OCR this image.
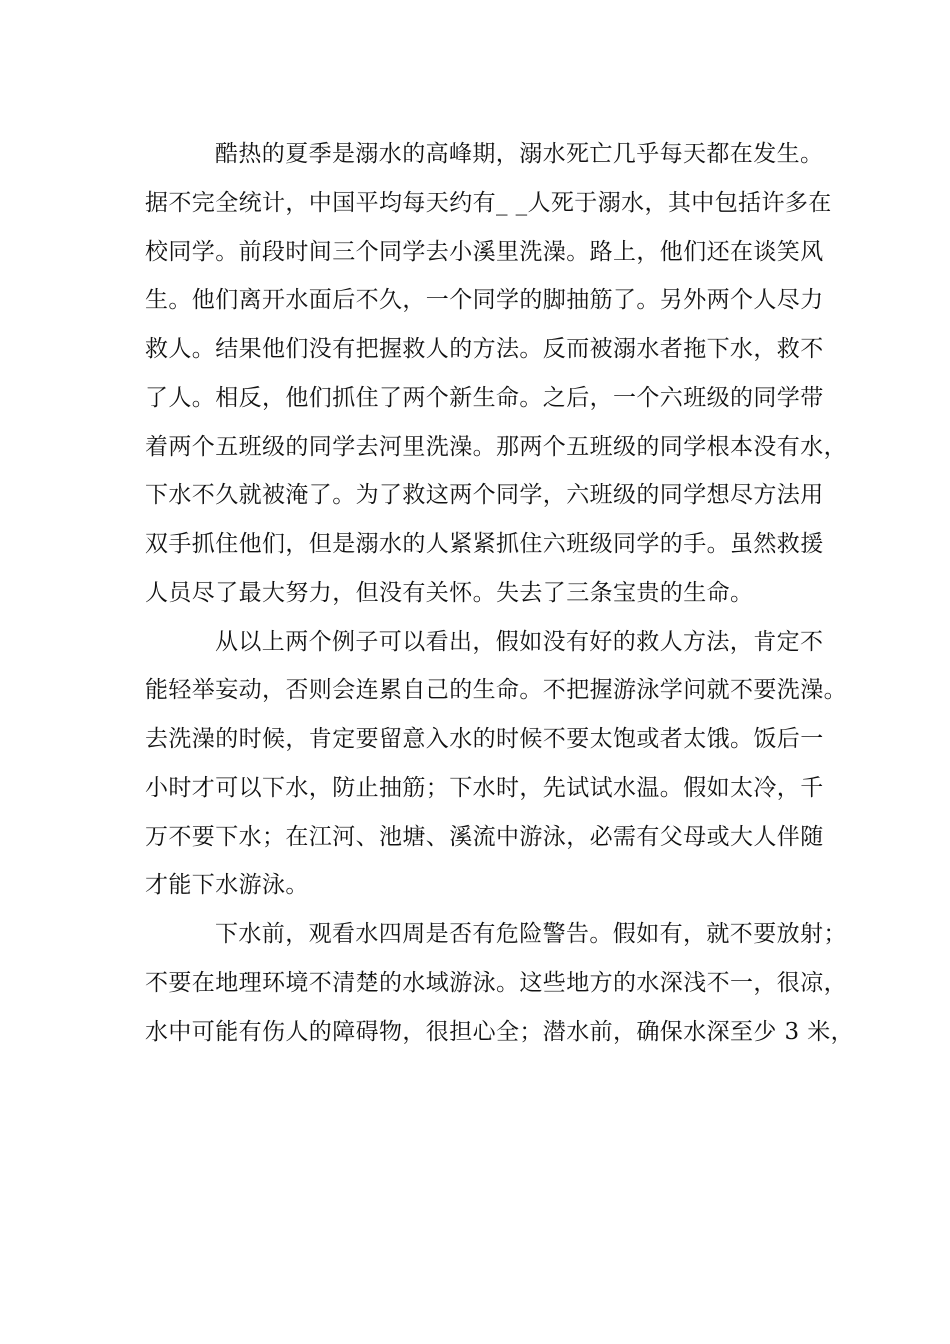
酷热的夏季是溺水的高峰期，溺水死亡几乎每天都在发生。
据不完全统计，中国平均每天约有_ _人死于溺水，其中包括许多在
校同学。前段时间三个同学去小溪里洗澡。路上，他们还在谈笑风
生。他们离开水面后不久，一个同学的脚抽筋了。另外两个人尽力
救人。结果他们没有把握救人的方法。反而被溺水者拖下水，救不
了人。相反，他们抓住了两个新生命。之后，一个六班级的同学带
着两个五班级的同学去河里洗澡。那两个五班级的同学根本没有水，
下水不久就被淹了。为了救这两个同学，六班级的同学想尽方法用
双手抓住他们，但是溺水的人紧紧抓住六班级同学的手。虽然救援
人员尽了最大努力，但没有关怀。失去了三条宝贵的生命。
从以上两个例子可以看出，假如没有好的救人方法，肯定不
能轻举妄动，否则会连累自己的生命。不把握游泳学问就不要洗澡。
去洗澡的时候，肯定要留意入水的时候不要太饱或者太饿。饭后一
小时才可以下水，防止抽筋；下水时，先试试水温。假如太冷，千
万不要下水；在江河、池塘、溪流中游泳，必需有父母或大人伴随
才能下水游泳。
下水前，观看水四周是否有危险警告。假如有，就不要放射；
不要在地理环境不清楚的水域游泳。这些地方的水深浅不一，很凉，
水中可能有伤人的障碍物，很担心全；潜水前，确保水深至少 3 米，
